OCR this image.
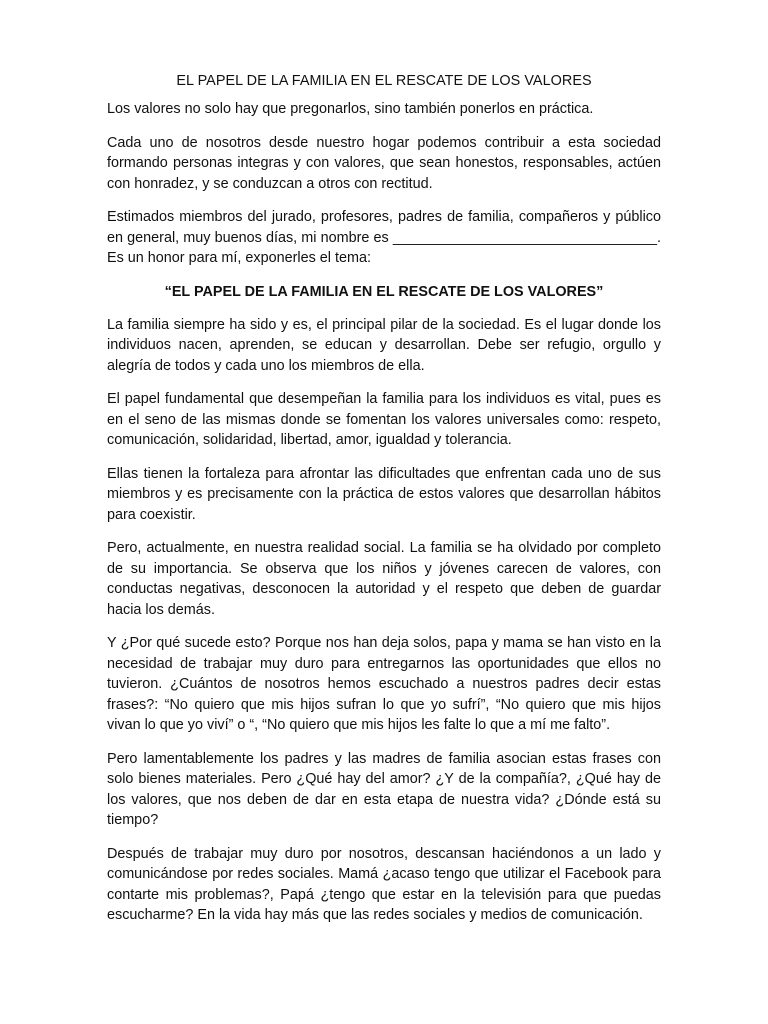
EL PAPEL DE LA FAMILIA EN EL RESCATE DE LOS VALORES

Los valores no solo hay que pregonarlos, sino también ponerlos en práctica.

Cada uno de nosotros desde nuestro hogar podemos contribuir a esta sociedad formando personas integras y con valores, que sean honestos, responsables, actúen con honradez, y se conduzcan a otros con rectitud.

Estimados miembros del jurado, profesores, padres de familia, compañeros y público en general, muy buenos días, mi nombre es _________________________________. Es un honor para mí, exponerles el tema:

“EL PAPEL DE LA FAMILIA EN EL RESCATE DE LOS VALORES”

La familia siempre ha sido y es, el principal pilar de la sociedad. Es el lugar donde los individuos nacen, aprenden, se educan y desarrollan. Debe ser refugio, orgullo y alegría de todos y cada uno los miembros de ella.

El papel fundamental que desempeñan la familia para los individuos es vital, pues es en el seno de las mismas donde se fomentan los valores universales como: respeto, comunicación, solidaridad, libertad, amor, igualdad y tolerancia.

Ellas tienen la fortaleza para afrontar las dificultades que enfrentan cada uno de sus miembros y es precisamente con la práctica de estos valores que desarrollan hábitos para coexistir.

Pero, actualmente, en nuestra realidad social. La familia se ha olvidado por completo de su importancia. Se observa que los niños y jóvenes carecen de valores, con conductas negativas, desconocen la autoridad y el respeto que deben de guardar hacia los demás.

Y ¿Por qué sucede esto? Porque nos han deja solos, papa y mama se han visto en la necesidad de trabajar muy duro para entregarnos las oportunidades que ellos no tuvieron. ¿Cuántos de nosotros hemos escuchado a nuestros padres decir estas frases?: “No quiero que mis hijos sufran lo que yo sufrí”, “No quiero que mis hijos vivan lo que yo viví” o “, “No quiero que mis hijos les falte lo que a mí me falto”.

Pero lamentablemente los padres y las madres de familia asocian estas frases con solo bienes materiales. Pero ¿Qué hay del amor? ¿Y de la compañía?, ¿Qué hay de los valores, que nos deben de dar en esta etapa de nuestra vida? ¿Dónde está su tiempo?

Después de trabajar muy duro por nosotros, descansan haciéndonos a un lado y comunicándose por redes sociales. Mamá ¿acaso tengo que utilizar el Facebook para contarte mis problemas?, Papá ¿tengo que estar en la televisión para que puedas escucharme? En la vida hay más que las redes sociales y medios de comunicación.
